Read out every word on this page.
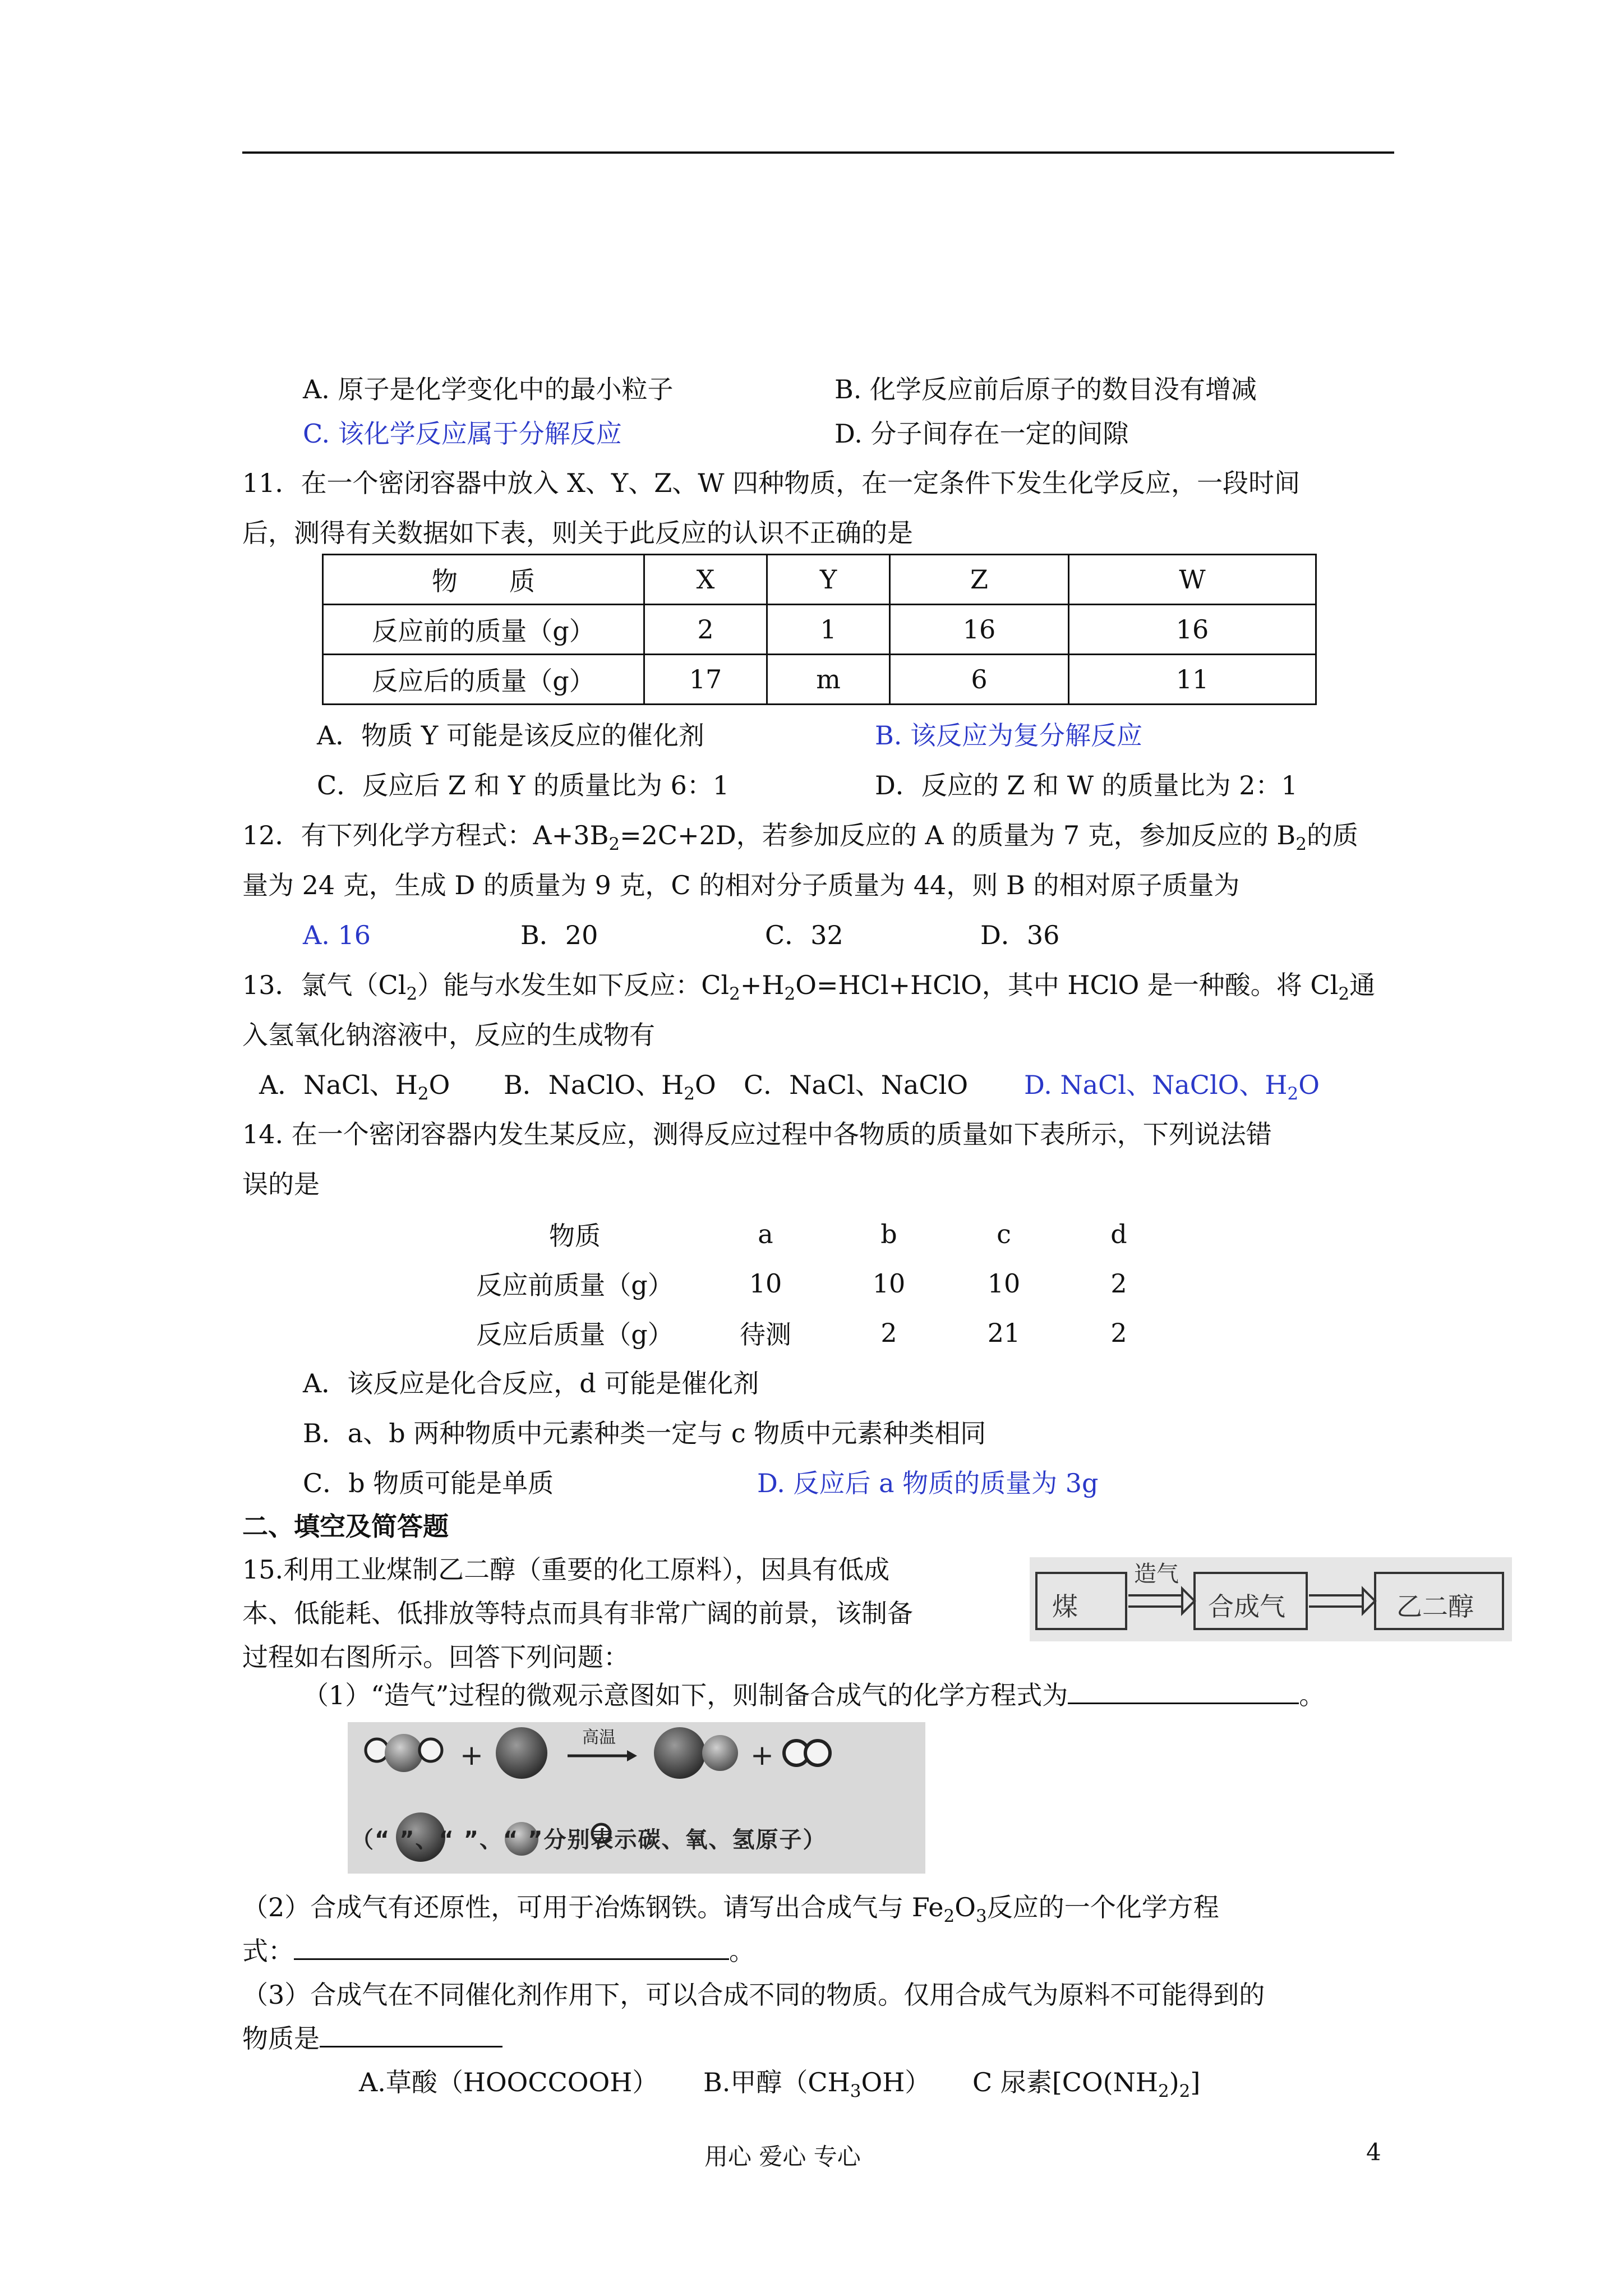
A. 原子是化学变化中的最小粒子	B. 化学反应前后原子的数目没有增减
C. 该化学反应属于分解反应	D. 分子间存在一定的间隙
11．在一个密闭容器中放入 X、Y、Z、W 四种物质，在一定条件下发生化学反应，一段时间
后，测得有关数据如下表，则关于此反应的认识不正确的是
物　　质	X	Y	Z	W
反应前的质量（g）	2	1	16	16
反应后的质量（g）	17	m	6	11
A．物质 Y 可能是该反应的催化剂	B. 该反应为复分解反应
C．反应后 Z 和 Y 的质量比为 6：1	D．反应的 Z 和 W 的质量比为 2：1
12．有下列化学方程式：$A+3B_2=2C+2D$，若参加反应的 A 的质量为 7 克，参加反应的 $B_2$的质
量为 24 克，生成 D 的质量为 9 克，C 的相对分子质量为 44，则 B 的相对原子质量为
A. 16	B．20	C．32	D．36
13．氯气$(Cl_2)$能与水发生如下反应：$Cl_2+H_2O=HCl+HClO$，其中 HClO 是一种酸。将 $Cl_2$通
入氢氧化钠溶液中，反应的生成物有
A．NaCl、$H_2O$ B．NaClO、$H_2O$ C．NaCl、NaClO D. NaCl、NaClO、$H_2O$
14. 在一个密闭容器内发生某反应，测得反应过程中各物质的质量如下表所示，下列说法错
误的是
物质	a	b	c	d
反应前质量（g）	10	10	10	2
反应后质量（g）	待测	2	21	2
A．该反应是化合反应，d 可能是催化剂
B．a、b 两种物质中元素种类一定与 c 物质中元素种类相同
C．b 物质可能是单质	D. 反应后 a 物质的质量为 3g
二、填空及简答题
15.利用工业煤制乙二醇（重要的化工原料），因具有低成
本、低能耗、低排放等特点而具有非常广阔的前景，该制备
过程如右图所示。回答下列问题：
煤
造气
合成气	乙二醇
（1）“造气”过程的微观示意图如下，则制备合成气的化学方程式为	。
+	+
高温
（“ ”、“ ”、“ ”分别表示碳、氧、氢原子）
（2）合成气有还原性，可用于冶炼钢铁。请写出合成气与 $Fe_2O_3$反应的一个化学方程
式：	。
（3）合成气在不同催化剂作用下，可以合成不同的物质。仅用合成气为原料不可能得到的
物质是
A.草酸（HOOCCOOH） B.甲醇$(CH_3OH)$ C 尿素$[CO(NH_2)_2]$
用心 爱心 专心	4
